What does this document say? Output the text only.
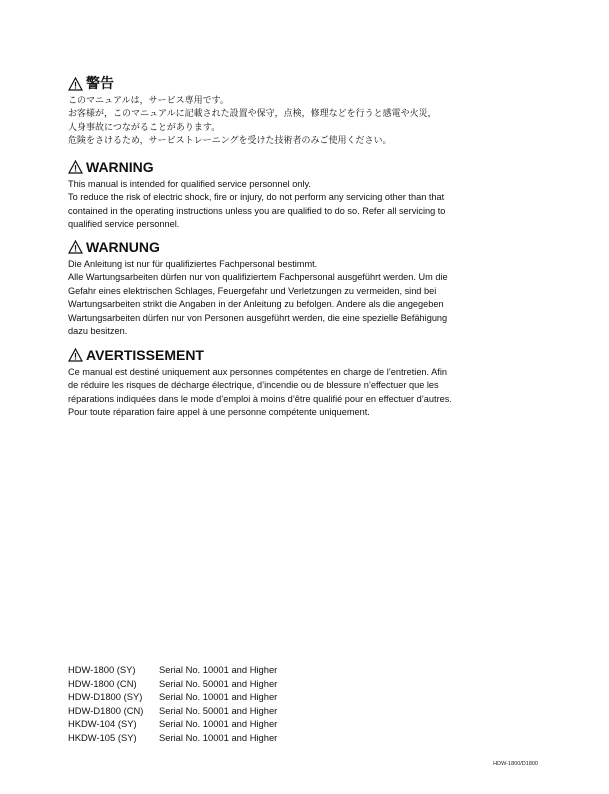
警告
このマニュアルは，サービス専用です。
お客様が，このマニュアルに記載された設置や保守，点検，修理などを行うと感電や火災，
人身事故につながることがあります。
危険をさけるため，サービストレーニングを受けた技術者のみご使用ください。
WARNING
This manual is intended for qualified service personnel only.
To reduce the risk of electric shock, fire or injury, do not perform any servicing other than that
contained in the operating instructions unless you are qualified to do so. Refer all servicing to
qualified service personnel.
WARNUNG
Die Anleitung ist nur für qualifiziertes Fachpersonal bestimmt.
Alle Wartungsarbeiten dürfen nur von qualifiziertem Fachpersonal ausgeführt werden. Um die
Gefahr eines elektrischen Schlages, Feuergefahr und Verletzungen zu vermeiden, sind bei
Wartungsarbeiten strikt die Angaben in der Anleitung zu befolgen. Andere als die angegeben
Wartungsarbeiten dürfen nur von Personen ausgeführt werden, die eine spezielle Befähigung
dazu besitzen.
AVERTISSEMENT
Ce manual est destiné uniquement aux personnes compétentes en charge de l’entretien. Afin
de réduire les risques de décharge électrique, d’incendie ou de blessure n’effectuer que les
réparations indiquées dans le mode d’emploi à moins d’être qualifié pour en effectuer d’autres.
Pour toute réparation faire appel à une personne compétente uniquement.
HDW-1800 (SY)	Serial No. 10001 and Higher
HDW-1800 (CN)	Serial No. 50001 and Higher
HDW-D1800 (SY)	Serial No. 10001 and Higher
HDW-D1800 (CN)	Serial No. 50001 and Higher
HKDW-104 (SY)	Serial No. 10001 and Higher
HKDW-105 (SY)	Serial No. 10001 and Higher
HDW-1800/D1800
